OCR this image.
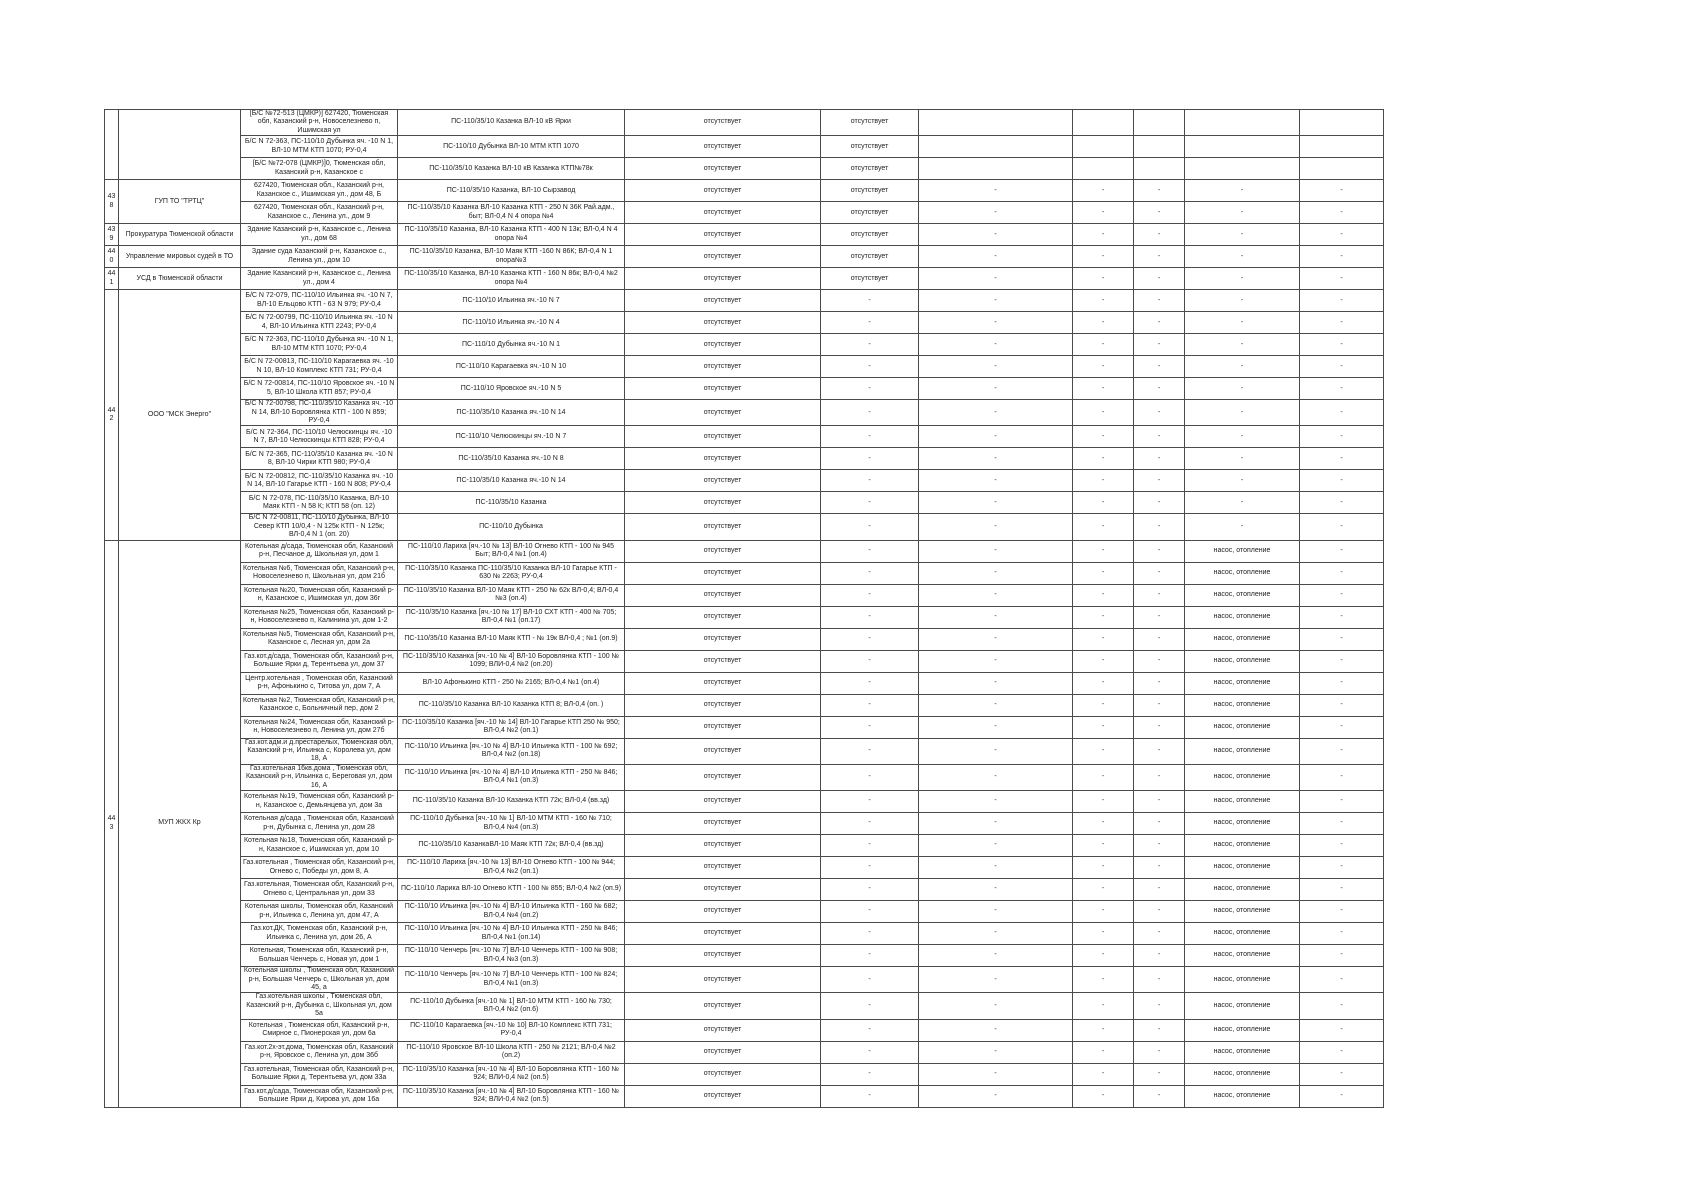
		[Б/С №72-513 (ЦМКР)] 627420, Тюменская обл, Казанский р-н, Новоселезнево п, Ишимская ул	ПС-110/35/10 Казанка ВЛ-10 кВ Ярки	отсутствует	отсутствует					
		Б/С N 72-363, ПС-110/10 Дубынка яч. -10 N 1, ВЛ-10 МТМ КТП 1070; РУ-0,4	ПС-110/10 Дубынка ВЛ-10 МТМ КТП 1070	отсутствует	отсутствует					
		[Б/С №72-078 (ЦМКР)]0, Тюменская обл, Казанский р-н, Казанское с	ПС-110/35/10 Казанка ВЛ-10 кВ Казанка КТП№78к	отсутствует	отсутствует					
438	ГУП ТО "ТРТЦ"	627420, Тюменская обл., Казанский р-н, Казанское с., Ишимская ул., дом 48, Б	ПС-110/35/10 Казанка, ВЛ-10 Сырзавод	отсутствует	отсутствует	-	-	-	-	-
		627420, Тюменская обл., Казанский р-н, Казанское с., Ленина ул., дом 9	ПС-110/35/10 Казанка ВЛ-10 Казанка КТП - 250 N 36К Рай.адм., быт; ВЛ-0,4 N 4 опора №4	отсутствует	отсутствует	-	-	-	-	-
439	Прокуратура Тюменской области	Здание Казанский р-н, Казанское с., Ленина ул., дом 68	ПС-110/35/10 Казанка, ВЛ-10 Казанка КТП - 400 N 13к; ВЛ-0,4 N 4 опора №4	отсутствует	отсутствует	-	-	-	-	-
440	Управление мировых судей в ТО	Здание суда Казанский р-н, Казанское с., Ленина ул., дом 10	ПС-110/35/10 Казанка, ВЛ-10 Маяк КТП -160 N 86К; ВЛ-0,4 N 1 опора№3	отсутствует	отсутствует	-	-	-	-	-
441	УСД в Тюменской области	Здание Казанский р-н, Казанское с., Ленина ул., дом 4	ПС-110/35/10 Казанка, ВЛ-10 Казанка КТП - 160 N 86к; ВЛ-0,4 №2 опора №4	отсутствует	отсутствует	-	-	-	-	-
442	ООО "МСК Энерго"	Б/С N 72-079, ПС-110/10 Ильинка яч. -10 N 7, ВЛ-10 Ельцово КТП - 63 N 979; РУ-0,4	ПС-110/10 Ильинка яч.-10 N 7	отсутствует	-	-	-	-	-	-
		Б/С N 72-00799, ПС-110/10 Ильинка яч. -10 N 4, ВЛ-10 Ильинка КТП 2243; РУ-0,4	ПС-110/10 Ильинка яч.-10 N 4	отсутствует	-	-	-	-	-	-
		Б/С N 72-363, ПС-110/10 Дубынка яч. -10 N 1, ВЛ-10 МТМ КТП 1070; РУ-0,4	ПС-110/10 Дубынка яч.-10 N 1	отсутствует	-	-	-	-	-	-
		Б/С N 72-00813, ПС-110/10 Карагаевка яч. -10 N 10, ВЛ-10 Комплекс КТП 731; РУ-0,4	ПС-110/10 Карагаевка яч.-10 N 10	отсутствует	-	-	-	-	-	-
		Б/С N 72-00814, ПС-110/10 Яровское яч. -10 N 5, ВЛ-10 Школа КТП 857; РУ-0,4	ПС-110/10 Яровское яч.-10 N 5	отсутствует	-	-	-	-	-	-
		Б/С N 72-00798, ПС-110/35/10 Казанка яч. -10 N 14, ВЛ-10 Боровлянка КТП - 100 N 859; РУ-0,4	ПС-110/35/10 Казанка яч.-10 N 14	отсутствует	-	-	-	-	-	-
		Б/С N 72-364, ПС-110/10 Челюскинцы яч. -10 N 7, ВЛ-10 Челюскинцы КТП 828; РУ-0,4	ПС-110/10 Челюскинцы яч.-10 N 7	отсутствует	-	-	-	-	-	-
		Б/С N 72-365, ПС-110/35/10 Казанка яч. -10 N 8, ВЛ-10 Чирки КТП 980; РУ-0,4	ПС-110/35/10 Казанка яч.-10 N 8	отсутствует	-	-	-	-	-	-
		Б/С N 72-00812, ПС-110/35/10 Казанка яч. -10 N 14, ВЛ-10 Гагарье КТП - 160 N 808; РУ-0,4	ПС-110/35/10 Казанка яч.-10 N 14	отсутствует	-	-	-	-	-	-
		Б/С N 72-078, ПС-110/35/10 Казанка, ВЛ-10 Маяк КТП - N 58 К; КТП 58 (оп. 12)	ПС-110/35/10 Казанка	отсутствует	-	-	-	-	-	-
		Б/С N 72-00811, ПС-110/10 Дубынка, ВЛ-10 Север КТП 10/0,4 - N 125к КТП - N 125к; ВЛ-0,4 N 1 (оп. 20)	ПС-110/10 Дубынка	отсутствует	-	-	-	-	-	-
443	МУП ЖКХ Кр	Котельная д/сада, Тюменская обл, Казанский р-н, Песчаное д, Школьная ул, дом 1	ПС-110/10 Лариха [яч.-10 № 13] ВЛ-10 Огнево КТП - 100 № 945 Быт; ВЛ-0,4 №1 (оп.4)	отсутствует	-	-	-	-	насос, отопление	-
		Котельная №6, Тюменская обл, Казанский р-н, Новоселезнево п, Школьная ул, дом 21б	ПС-110/35/10 Казанка ПС-110/35/10 Казанка ВЛ-10 Гагарье КТП - 630 № 2263; РУ-0,4	отсутствует	-	-	-	-	насос, отопление	-
		Котельная №20, Тюменская обл, Казанский р-н, Казанское с, Ишимская ул, дом 36г	ПС-110/35/10 Казанка ВЛ-10 Маяк КТП - 250 № 62к ВЛ-0,4; ВЛ-0,4 №3 (оп.4)	отсутствует	-	-	-	-	насос, отопление	-
		Котельная №25, Тюменская обл, Казанский р-н, Новоселезнево п, Калинина ул, дом 1-2	ПС-110/35/10 Казанка [яч.-10 № 17] ВЛ-10 СХТ КТП - 400 № 705; ВЛ-0,4 №1 (оп.17)	отсутствует	-	-	-	-	насос, отопление	-
		Котельная №5, Тюменская обл, Казанский р-н, Казанское с, Лесная ул, дом 2а	ПС-110/35/10 Казанка ВЛ-10 Маяк КТП - № 19к ВЛ-0,4 ; №1 (оп.9)	отсутствует	-	-	-	-	насос, отопление	-
		Газ.кот.д/сада, Тюменская обл, Казанский р-н, Большие Ярки д, Терентьева ул, дом 37	ПС-110/35/10 Казанка [яч.-10 № 4] ВЛ-10 Боровлянка КТП - 100 № 1099; ВЛИ-0,4 №2 (оп.20)	отсутствует	-	-	-	-	насос, отопление	-
		Центр.котельная , Тюменская обл, Казанский р-н, Афонькино с, Титова ул, дом 7, А	ВЛ-10 Афонькино КТП - 250 № 2165; ВЛ-0,4 №1 (оп.4)	отсутствует	-	-	-	-	насос, отопление	-
		Котельная №2, Тюменская обл, Казанский р-н, Казанское с, Больничный пер, дом 2	ПС-110/35/10 Казанка ВЛ-10 Казанка КТП 8; ВЛ-0,4 (оп. )	отсутствует	-	-	-	-	насос, отопление	-
		Котельная №24, Тюменская обл, Казанский р-н, Новоселезнево п, Ленина ул, дом 27б	ПС-110/35/10 Казанка [яч.-10 № 14] ВЛ-10 Гагарье КТП 250 № 950; ВЛ-0,4 №2 (оп.1)	отсутствует	-	-	-	-	насос, отопление	-
		Газ.кот.адм.и д.престарелых, Тюменская обл, Казанский р-н, Ильинка с, Королева ул, дом 18, А	ПС-110/10 Ильинка [яч.-10 № 4] ВЛ-10 Ильинка КТП - 100 № 692; ВЛ-0,4 №2 (оп.18)	отсутствует	-	-	-	-	насос, отопление	-
		Газ.котельная 16кв.дома , Тюменская обл, Казанский р-н, Ильинка с, Береговая ул, дом 16, А	ПС-110/10 Ильинка [яч.-10 № 4] ВЛ-10 Ильинка КТП - 250 № 846; ВЛ-0,4 №1 (оп.3)	отсутствует	-	-	-	-	насос, отопление	-
		Котельная №19, Тюменская обл, Казанский р-н, Казанское с, Демьянцева ул, дом 3а	ПС-110/35/10 Казанка ВЛ-10 Казанка КТП 72к; ВЛ-0,4 (вв.зд)	отсутствует	-	-	-	-	насос, отопление	-
		Котельная д/сада , Тюменская обл, Казанский р-н, Дубынка с, Ленина ул, дом 28	ПС-110/10 Дубынка [яч.-10 № 1] ВЛ-10 МТМ КТП - 160 № 710; ВЛ-0,4 №4 (оп.3)	отсутствует	-	-	-	-	насос, отопление	-
		Котельная №18, Тюменская обл, Казанский р-н, Казанское с, Ишимская ул, дом 10	ПС-110/35/10 КазанкаВЛ-10 Маяк КТП 72к; ВЛ-0,4 (вв.зд)	отсутствует	-	-	-	-	насос, отопление	-
		Газ.котельная , Тюменская обл, Казанский р-н, Огнево с, Победы ул, дом 8, А	ПС-110/10 Лариха [яч.-10 № 13] ВЛ-10 Огнево КТП - 100 № 944; ВЛ-0,4 №2 (оп.1)	отсутствует	-	-	-	-	насос, отопление	-
		Газ.котельная, Тюменская обл, Казанский р-н, Огнево с, Центральная ул, дом 33	ПС-110/10 Ларика ВЛ-10 Огнево КТП - 100 № 855; ВЛ-0,4 №2 (оп.9)	отсутствует	-	-	-	-	насос, отопление	-
		Котельная школы, Тюменская обл, Казанский р-н, Ильинка с, Ленина ул, дом 47, А	ПС-110/10 Ильинка [яч.-10 № 4] ВЛ-10 Ильинка КТП - 160 № 682; ВЛ-0,4 №4 (оп.2)	отсутствует	-	-	-	-	насос, отопление	-
		Газ.кот.ДК, Тюменская обл, Казанский р-н, Ильинка с, Ленина ул, дом 26, А	ПС-110/10 Ильинка [яч.-10 № 4] ВЛ-10 Ильинка КТП - 250 № 846; ВЛ-0,4 №1 (оп.14)	отсутствует	-	-	-	-	насос, отопление	-
		Котельная, Тюменская обл, Казанский р-н, Большая Ченчерь с, Новая ул, дом 1	ПС-110/10 Ченчерь [яч.-10 № 7] ВЛ-10 Ченчерь КТП - 100 № 908; ВЛ-0,4 №3 (оп.3)	отсутствует	-	-	-	-	насос, отопление	-
		Котельная школы , Тюменская обл, Казанский р-н, Большая Ченчерь с, Школьная ул, дом 45, а	ПС-110/10 Ченчерь [яч.-10 № 7] ВЛ-10 Ченчерь КТП - 100 № 824; ВЛ-0,4 №1 (оп.3)	отсутствует	-	-	-	-	насос, отопление	-
		Газ.котельная школы , Тюменская обл, Казанский р-н, Дубынка с, Школьная ул, дом 5а	ПС-110/10 Дубынка [яч.-10 № 1] ВЛ-10 МТМ КТП - 160 № 730; ВЛ-0,4 №2 (оп.6)	отсутствует	-	-	-	-	насос, отопление	-
		Котельная , Тюменская обл, Казанский р-н, Смирное с, Пионерская ул, дом 6а	ПС-110/10 Карагаевка [яч.-10 № 10] ВЛ-10 Комплекс КТП 731; РУ-0,4	отсутствует	-	-	-	-	насос, отопление	-
		Газ.кот.2х-эт.дома, Тюменская обл, Казанский р-н, Яровское с, Ленина ул, дом 36б	ПС-110/10 Яровское ВЛ-10 Школа КТП - 250 № 2121; ВЛ-0,4 №2 (оп.2)	отсутствует	-	-	-	-	насос, отопление	-
		Газ.котельная, Тюменская обл, Казанский р-н, Большие Ярки д, Терентьева ул, дом 33а	ПС-110/35/10 Казанка [яч.-10 № 4] ВЛ-10 Боровлянка КТП - 160 № 924; ВЛИ-0,4 №2 (оп.5)	отсутствует	-	-	-	-	насос, отопление	-
		Газ.кот.д/сада, Тюменская обл, Казанский р-н, Большие Ярки д, Кирова ул, дом 16а	ПС-110/35/10 Казанка [яч.-10 № 4] ВЛ-10 Боровлянка КТП - 160 № 924; ВЛИ-0,4 №2 (оп.5)	отсутствует	-	-	-	-	насос, отопление	-
